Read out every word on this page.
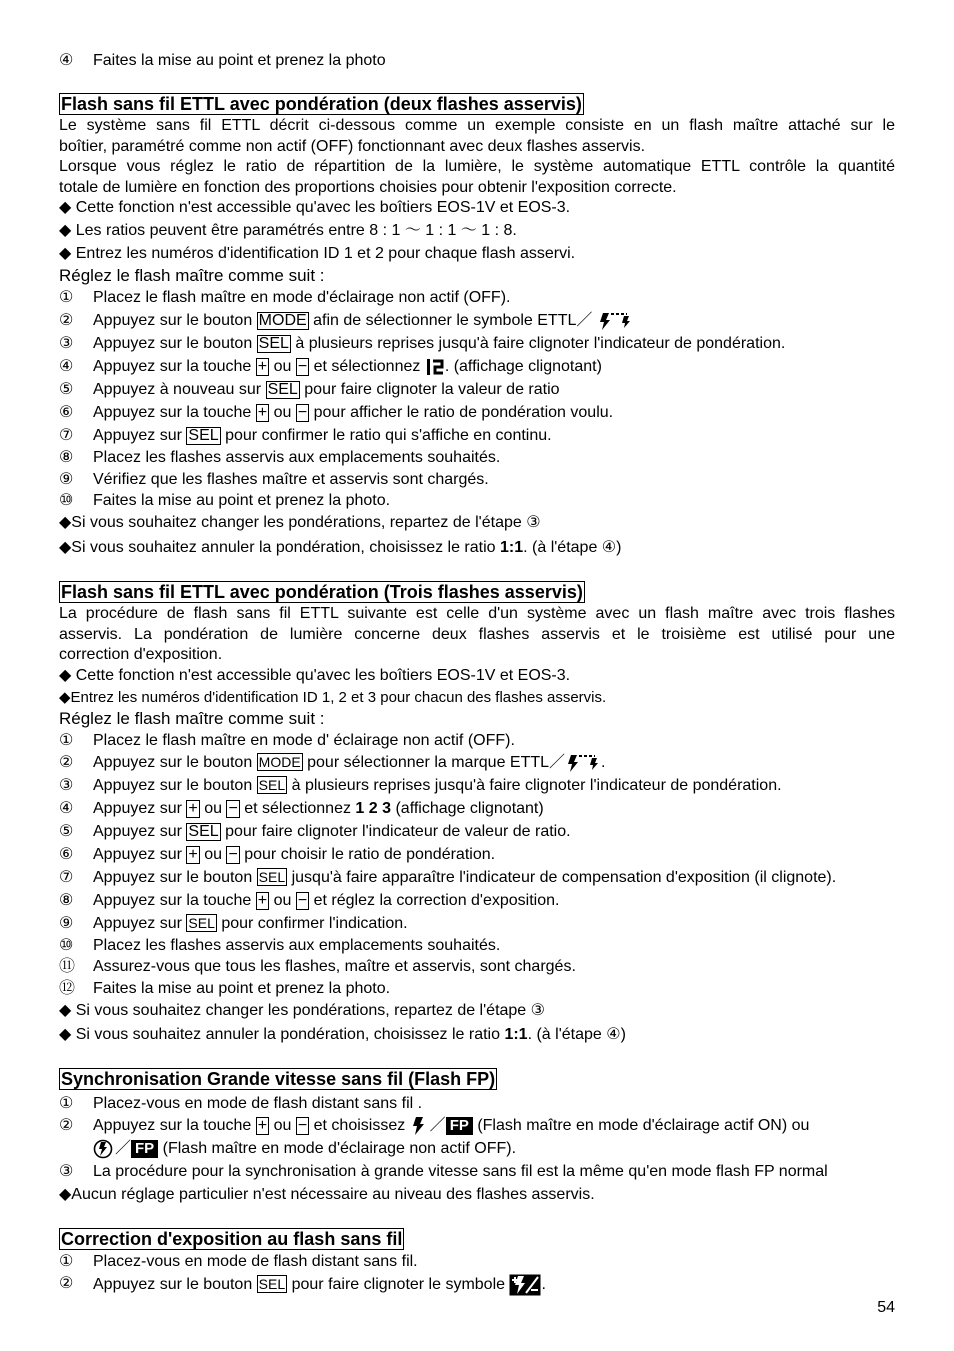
④	Faites la mise au point et prenez la photo
Flash sans fil ETTL avec pondération (deux flashes asservis)
Le système sans fil ETTL décrit ci-dessous comme un exemple consiste en un flash maître attaché sur le
boîtier, paramétré comme non actif (OFF) fonctionnant avec deux flashes asservis.
Lorsque vous réglez le ratio de répartition de la lumière, le système automatique ETTL contrôle la quantité
totale de lumière en fonction des proportions choisies pour obtenir l'exposition correcte.
◆ Cette fonction n'est accessible qu'avec les boîtiers EOS-1V et EOS-3.
◆ Les ratios peuvent être paramétrés entre 8 : 1 ～ 1 : 1 ～ 1 : 8.
◆ Entrez les numéros d'identification ID 1 et 2 pour chaque flash asservi.
Réglez le flash maître comme suit :
①	Placez le flash maître en mode d'éclairage non actif (OFF).
②	Appuyez sur le bouton MODE afin de sélectionner le symbole ETTL／
③	Appuyez sur le bouton SEL à plusieurs reprises jusqu'à faire clignoter l'indicateur de pondération.
④	Appuyez sur la touche + ou − et sélectionnez . (affichage clignotant)
⑤	Appuyez à nouveau sur SEL pour faire clignoter la valeur de ratio
⑥	Appuyez sur la touche + ou − pour afficher le ratio de pondération voulu.
⑦	Appuyez sur SEL pour confirmer le ratio qui s'affiche en continu.
⑧	Placez les flashes asservis aux emplacements souhaités.
⑨	Vérifiez que les flashes maître et asservis sont chargés.
⑩	Faites la mise au point et prenez la photo.
◆Si vous souhaitez changer les pondérations, repartez de l'étape ③
◆Si vous souhaitez annuler la pondération, choisissez le ratio 1:1. (à l'étape ④)
Flash sans fil ETTL avec pondération (Trois flashes asservis)
La procédure de flash sans fil ETTL suivante est celle d'un système avec un flash maître avec trois flashes
asservis. La pondération de lumière concerne deux flashes asservis et le troisième est utilisé pour une
correction d'exposition.
◆ Cette fonction n'est accessible qu'avec les boîtiers EOS-1V et EOS-3.
◆Entrez les numéros d'identification ID 1, 2 et 3 pour chacun des flashes asservis.
Réglez le flash maître comme suit :
①	Placez le flash maître en mode d' éclairage non actif (OFF).
②	Appuyez sur le bouton MODE pour sélectionner la marque ETTL／ .
③	Appuyez sur le bouton SEL à plusieurs reprises jusqu'à faire clignoter l'indicateur de pondération.
④	Appuyez sur + ou − et sélectionnez 1 2 3 (affichage clignotant)
⑤	Appuyez sur SEL pour faire clignoter l'indicateur de valeur de ratio.
⑥	Appuyez sur + ou − pour choisir le ratio de pondération.
⑦	Appuyez sur le bouton SEL jusqu'à faire apparaître l'indicateur de compensation d'exposition (il clignote).
⑧	Appuyez sur la touche + ou − et réglez la correction d'exposition.
⑨	Appuyez sur SEL pour confirmer l'indication.
⑩	Placez les flashes asservis aux emplacements souhaités.
⑪	Assurez-vous que tous les flashes, maître et asservis, sont chargés.
⑫	Faites la mise au point et prenez la photo.
◆ Si vous souhaitez changer les pondérations, repartez de l'étape ③
◆ Si vous souhaitez annuler la pondération, choisissez le ratio 1:1. (à l'étape ④)
Synchronisation Grande vitesse sans fil (Flash FP)
①	Placez-vous en mode de flash distant sans fil .
②	Appuyez sur la touche + ou − et choisissez ／ FP (Flash maître en mode d'éclairage actif ON) ou
／ FP (Flash maître en mode d'éclairage non actif OFF).
③	La procédure pour la synchronisation à grande vitesse sans fil est la même qu'en mode flash FP normal
◆Aucun réglage particulier n'est nécessaire au niveau des flashes asservis.
Correction d'exposition au flash sans fil
①	Placez-vous en mode de flash distant sans fil.
②	Appuyez sur le bouton SEL pour faire clignoter le symbole .
54
